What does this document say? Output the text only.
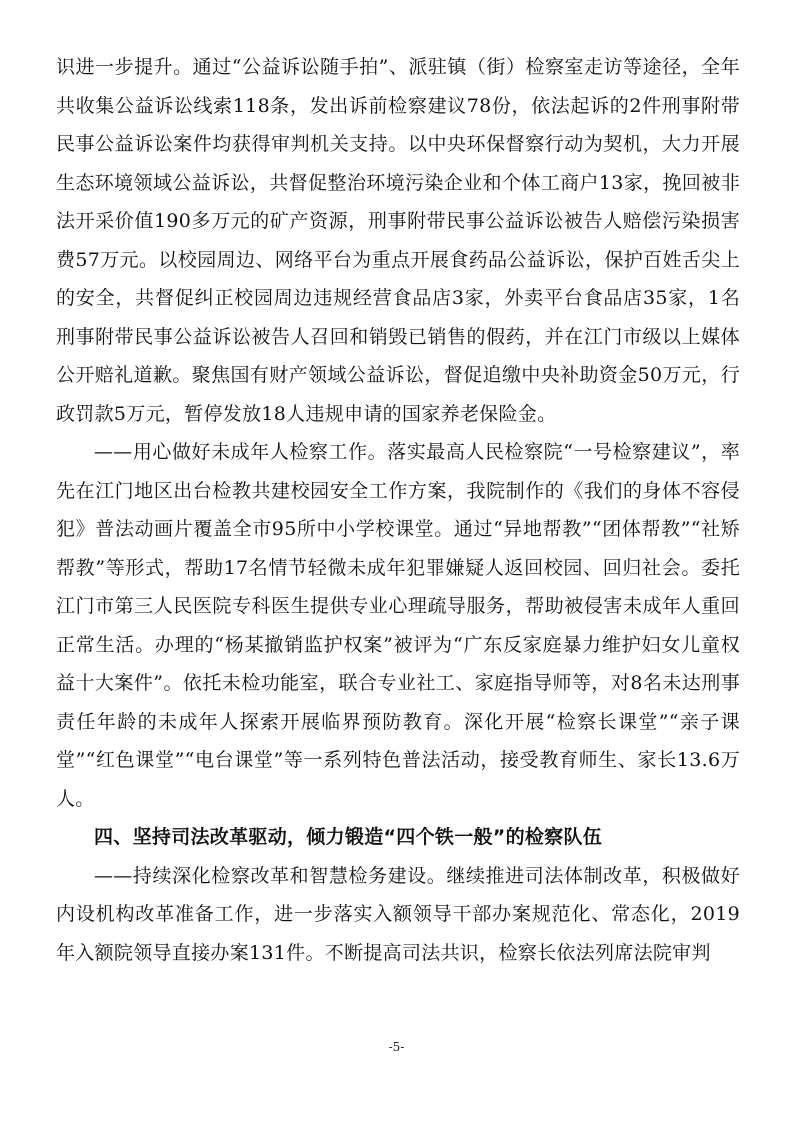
识进一步提升。通过“公益诉讼随手拍”、派驻镇（街）检察室走访等途径，全年共收集公益诉讼线索118条，发出诉前检察建议78份，依法起诉的2件刑事附带民事公益诉讼案件均获得审判机关支持。以中央环保督察行动为契机，大力开展生态环境领域公益诉讼，共督促整治环境污染企业和个体工商户13家，挽回被非法开采价值190多万元的矿产资源，刑事附带民事公益诉讼被告人赔偿污染损害费57万元。以校园周边、网络平台为重点开展食药品公益诉讼，保护百姓舌尖上的安全，共督促纠正校园周边违规经营食品店3家，外卖平台食品店35家，1名刑事附带民事公益诉讼被告人召回和销毁已销售的假药，并在江门市级以上媒体公开赔礼道歉。聚焦国有财产领域公益诉讼，督促追缴中央补助资金50万元，行政罚款5万元，暂停发放18人违规申请的国家养老保险金。

——用心做好未成年人检察工作。落实最高人民检察院“一号检察建议”，率先在江门地区出台检教共建校园安全工作方案，我院制作的《我们的身体不容侵犯》普法动画片覆盖全市95所中小学校课堂。通过“异地帮教”“团体帮教”“社矫帮教”等形式，帮助17名情节轻微未成年犯罪嫌疑人返回校园、回归社会。委托江门市第三人民医院专科医生提供专业心理疏导服务，帮助被侵害未成年人重回正常生活。办理的“杨某撤销监护权案”被评为“广东反家庭暴力维护妇女儿童权益十大案件”。依托未检功能室，联合专业社工、家庭指导师等，对8名未达刑事责任年龄的未成年人探索开展临界预防教育。深化开展“检察长课堂”“亲子课堂”“红色课堂”“电台课堂”等一系列特色普法活动，接受教育师生、家长13.6万人。

四、坚持司法改革驱动，倾力锻造“四个铁一般”的检察队伍

——持续深化检察改革和智慧检务建设。继续推进司法体制改革，积极做好内设机构改革准备工作，进一步落实入额领导干部办案规范化、常态化，2019年入额院领导直接办案131件。不断提高司法共识，检察长依法列席法院审判

-5-
